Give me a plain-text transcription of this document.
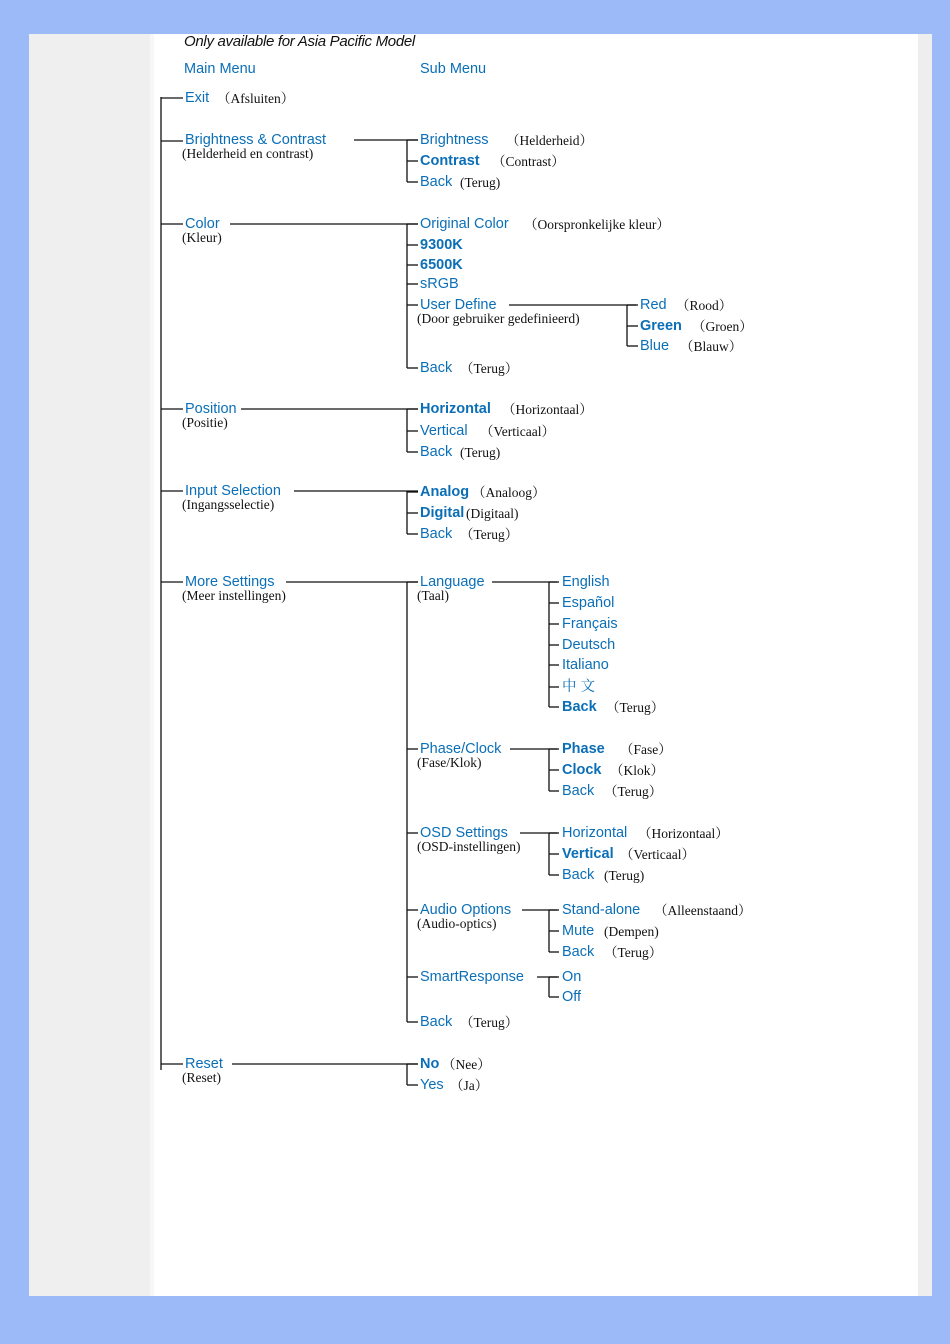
Only available for Asia Pacific Model
Main Menu	Sub Menu
Exit （Afsluiten）
Brightness & Contrast
(Helderheid en contrast)
Brightness （Helderheid）
Contrast （Contrast）
Back (Terug)
Color
(Kleur)
Original Color （Oorspronkelijke kleur）
9300K
6500K
sRGB
User Define
(Door gebruiker gedefinieerd)
Back （Terug）
Red （Rood）
Green （Groen）
Blue （Blauw）
Position
(Positie)
Horizontal （Horizontaal）
Vertical （Verticaal）
Back (Terug)
Input Selection
(Ingangsselectie)
Analog （Analoog）
Digital (Digitaal)
Back （Terug）
More Settings
(Meer instellingen)
Language
(Taal)
English
Español
Français
Deutsch
Italiano
中 文
Back （Terug）
Phase/Clock
(Fase/Klok)
Phase （Fase）
Clock （Klok）
Back （Terug）
OSD Settings
(OSD-instellingen)
Horizontal （Horizontaal）
Vertical （Verticaal）
Back (Terug)
Audio Options
(Audio-optics)
Stand-alone （Alleenstaand）
Mute (Dempen)
Back （Terug）
SmartResponse	On
Off
Back （Terug）
Reset
(Reset)
No （Nee）
Yes （Ja）
